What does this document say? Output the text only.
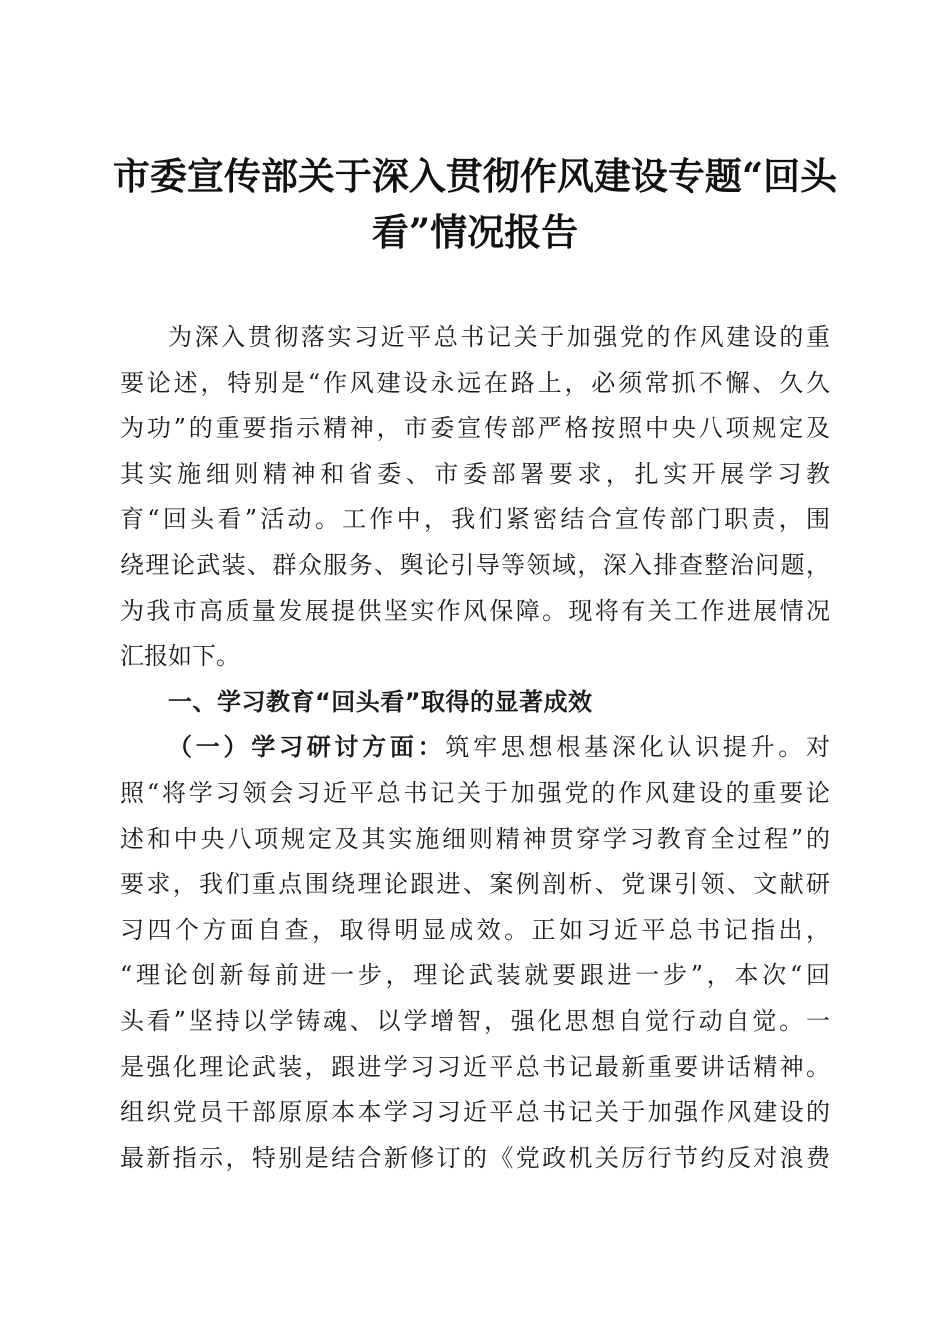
市委宣传部关于深入贯彻作风建设专题“回头
看”情况报告
为深入贯彻落实习近平总书记关于加强党的作风建设的重
要论述，特别是“作风建设永远在路上，必须常抓不懈、久久
为功”的重要指示精神，市委宣传部严格按照中央八项规定及
其实施细则精神和省委、市委部署要求，扎实开展学习教
育“回头看”活动。工作中，我们紧密结合宣传部门职责，围
绕理论武装、群众服务、舆论引导等领域，深入排查整治问题，
为我市高质量发展提供坚实作风保障。现将有关工作进展情况
汇报如下。
一、学习教育“回头看”取得的显著成效
（一）学习研讨方面：筑牢思想根基深化认识提升。对
照“将学习领会习近平总书记关于加强党的作风建设的重要论
述和中央八项规定及其实施细则精神贯穿学习教育全过程”的
要求，我们重点围绕理论跟进、案例剖析、党课引领、文献研
习四个方面自查，取得明显成效。正如习近平总书记指出，
“理论创新每前进一步，理论武装就要跟进一步”，本次“回
头看”坚持以学铸魂、以学增智，强化思想自觉行动自觉。一
是强化理论武装，跟进学习习近平总书记最新重要讲话精神。
组织党员干部原原本本学习习近平总书记关于加强作风建设的
最新指示，特别是结合新修订的《党政机关厉行节约反对浪费
